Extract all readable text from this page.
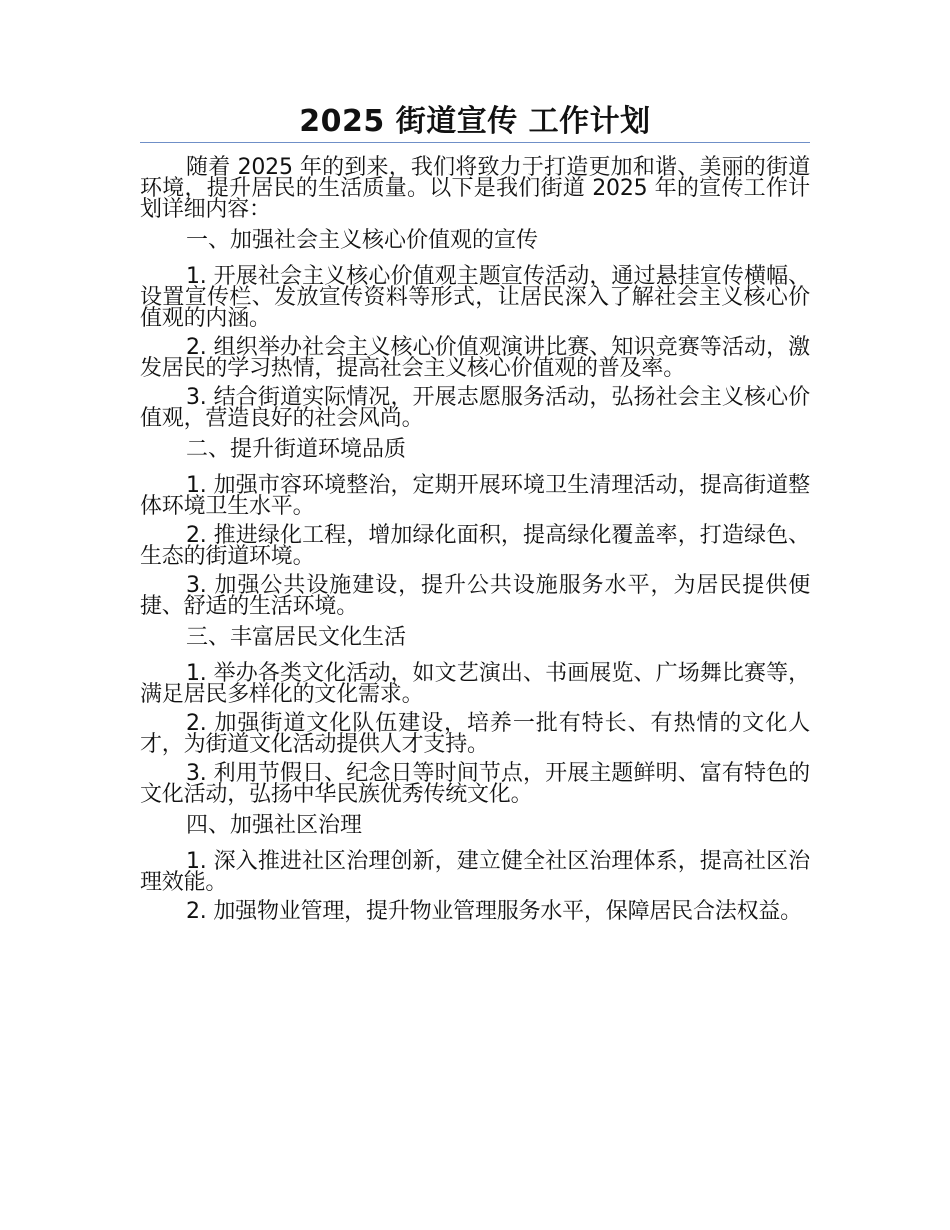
2025 街道宣传 工作计划

随着 2025 年的到来，我们将致力于打造更加和谐、美丽的街道环境，提升居民的生活质量。以下是我们街道 2025 年的宣传工作计划详细内容：

一、加强社会主义核心价值观的宣传

1. 开展社会主义核心价值观主题宣传活动，通过悬挂宣传横幅、设置宣传栏、发放宣传资料等形式，让居民深入了解社会主义核心价值观的内涵。

2. 组织举办社会主义核心价值观演讲比赛、知识竞赛等活动，激发居民的学习热情，提高社会主义核心价值观的普及率。

3. 结合街道实际情况，开展志愿服务活动，弘扬社会主义核心价值观，营造良好的社会风尚。

二、提升街道环境品质

1. 加强市容环境整治，定期开展环境卫生清理活动，提高街道整体环境卫生水平。

2. 推进绿化工程，增加绿化面积，提高绿化覆盖率，打造绿色、生态的街道环境。

3. 加强公共设施建设，提升公共设施服务水平，为居民提供便捷、舒适的生活环境。

三、丰富居民文化生活

1. 举办各类文化活动，如文艺演出、书画展览、广场舞比赛等，满足居民多样化的文化需求。

2. 加强街道文化队伍建设，培养一批有特长、有热情的文化人才，为街道文化活动提供人才支持。

3. 利用节假日、纪念日等时间节点，开展主题鲜明、富有特色的文化活动，弘扬中华民族优秀传统文化。

四、加强社区治理

1. 深入推进社区治理创新，建立健全社区治理体系，提高社区治理效能。

2. 加强物业管理，提升物业管理服务水平，保障居民合法权益。
